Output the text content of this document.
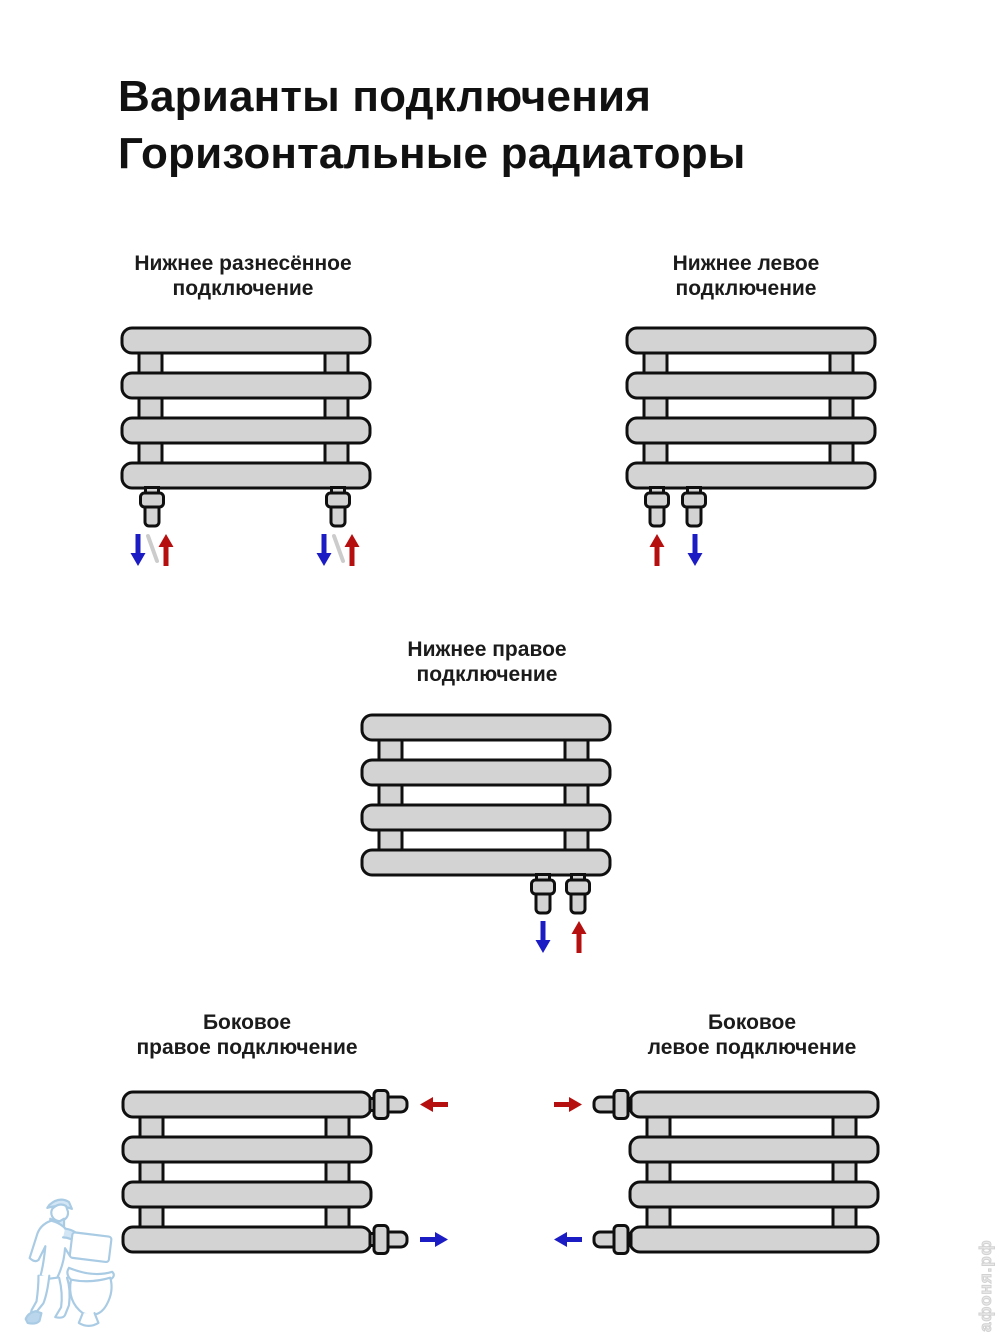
Варианты подключения
Горизонтальные радиаторы
Нижнее разнесённое
подключение
Нижнее левое
подключение
Нижнее правое
подключение
Боковое
правое подключение
Боковое
левое подключение
афоня.рф
